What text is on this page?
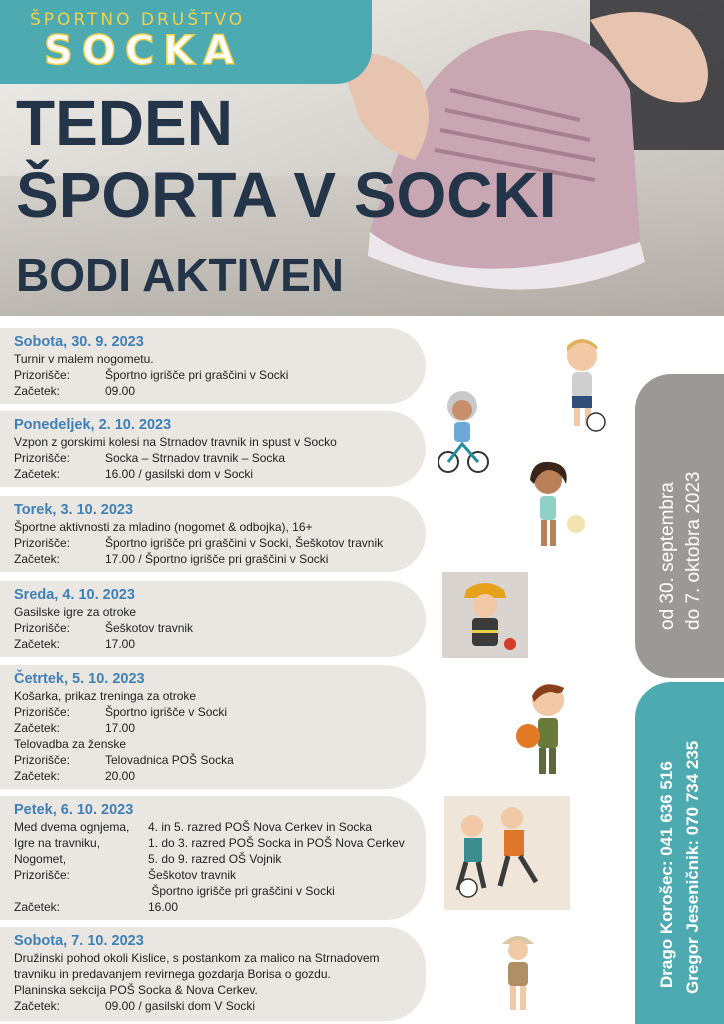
ŠPORTNO DRUŠTVO
SOCKA
TEDEN
ŠPORTA V SOCKI
BODI AKTIVEN
Sobota, 30. 9. 2023
Turnir v malem nogometu.
Prizorišče:	Športno igrišče pri graščini v Socki
Začetek:	09.00
Ponedeljek, 2. 10. 2023
Vzpon z gorskimi kolesi na Strnadov travnik in spust v Socko
Prizorišče:	Socka – Strnadov travnik – Socka
Začetek:	16.00 / gasilski dom v Socki
Torek, 3. 10. 2023
Športne aktivnosti za mladino (nogomet & odbojka), 16+
Prizorišče:	Športno igrišče pri graščini v Socki, Šeškotov travnik
Začetek:	17.00 / Športno igrišče pri graščini v Socki
Sreda, 4. 10. 2023
Gasilske igre za otroke
Prizorišče:	Šeškotov travnik
Začetek:	17.00
Četrtek, 5. 10. 2023
Košarka, prikaz treninga za otroke
Prizorišče:	Športno igrišče v Socki
Začetek:	17.00
Telovadba za ženske
Prizorišče:	Telovadnica POŠ Socka
Začetek:	20.00
Petek, 6. 10. 2023
Med dvema ognjema, 4. in 5. razred POŠ Nova Cerkev in Socka
Igre na travniku,	1. do 3. razred POŠ Socka in POŠ Nova Cerkev
Nogomet,	5. do 9. razred OŠ Vojnik
Prizorišče:	Šeškotov travnik
Športno igrišče pri graščini v Socki
Začetek:	16.00
Sobota, 7. 10. 2023
Družinski pohod okoli Kislice, s postankom za malico na Strnadovem
travniku in predavanjem revirnega gozdarja Borisa o gozdu.
Planinska sekcija POŠ Socka & Nova Cerkev.
Začetek:	09.00 / gasilski dom V Socki
od 30. septembra do 7. oktobra 2023
Drago Korošec: 041 636 516 Gregor Jeseničnik: 070 734 235
